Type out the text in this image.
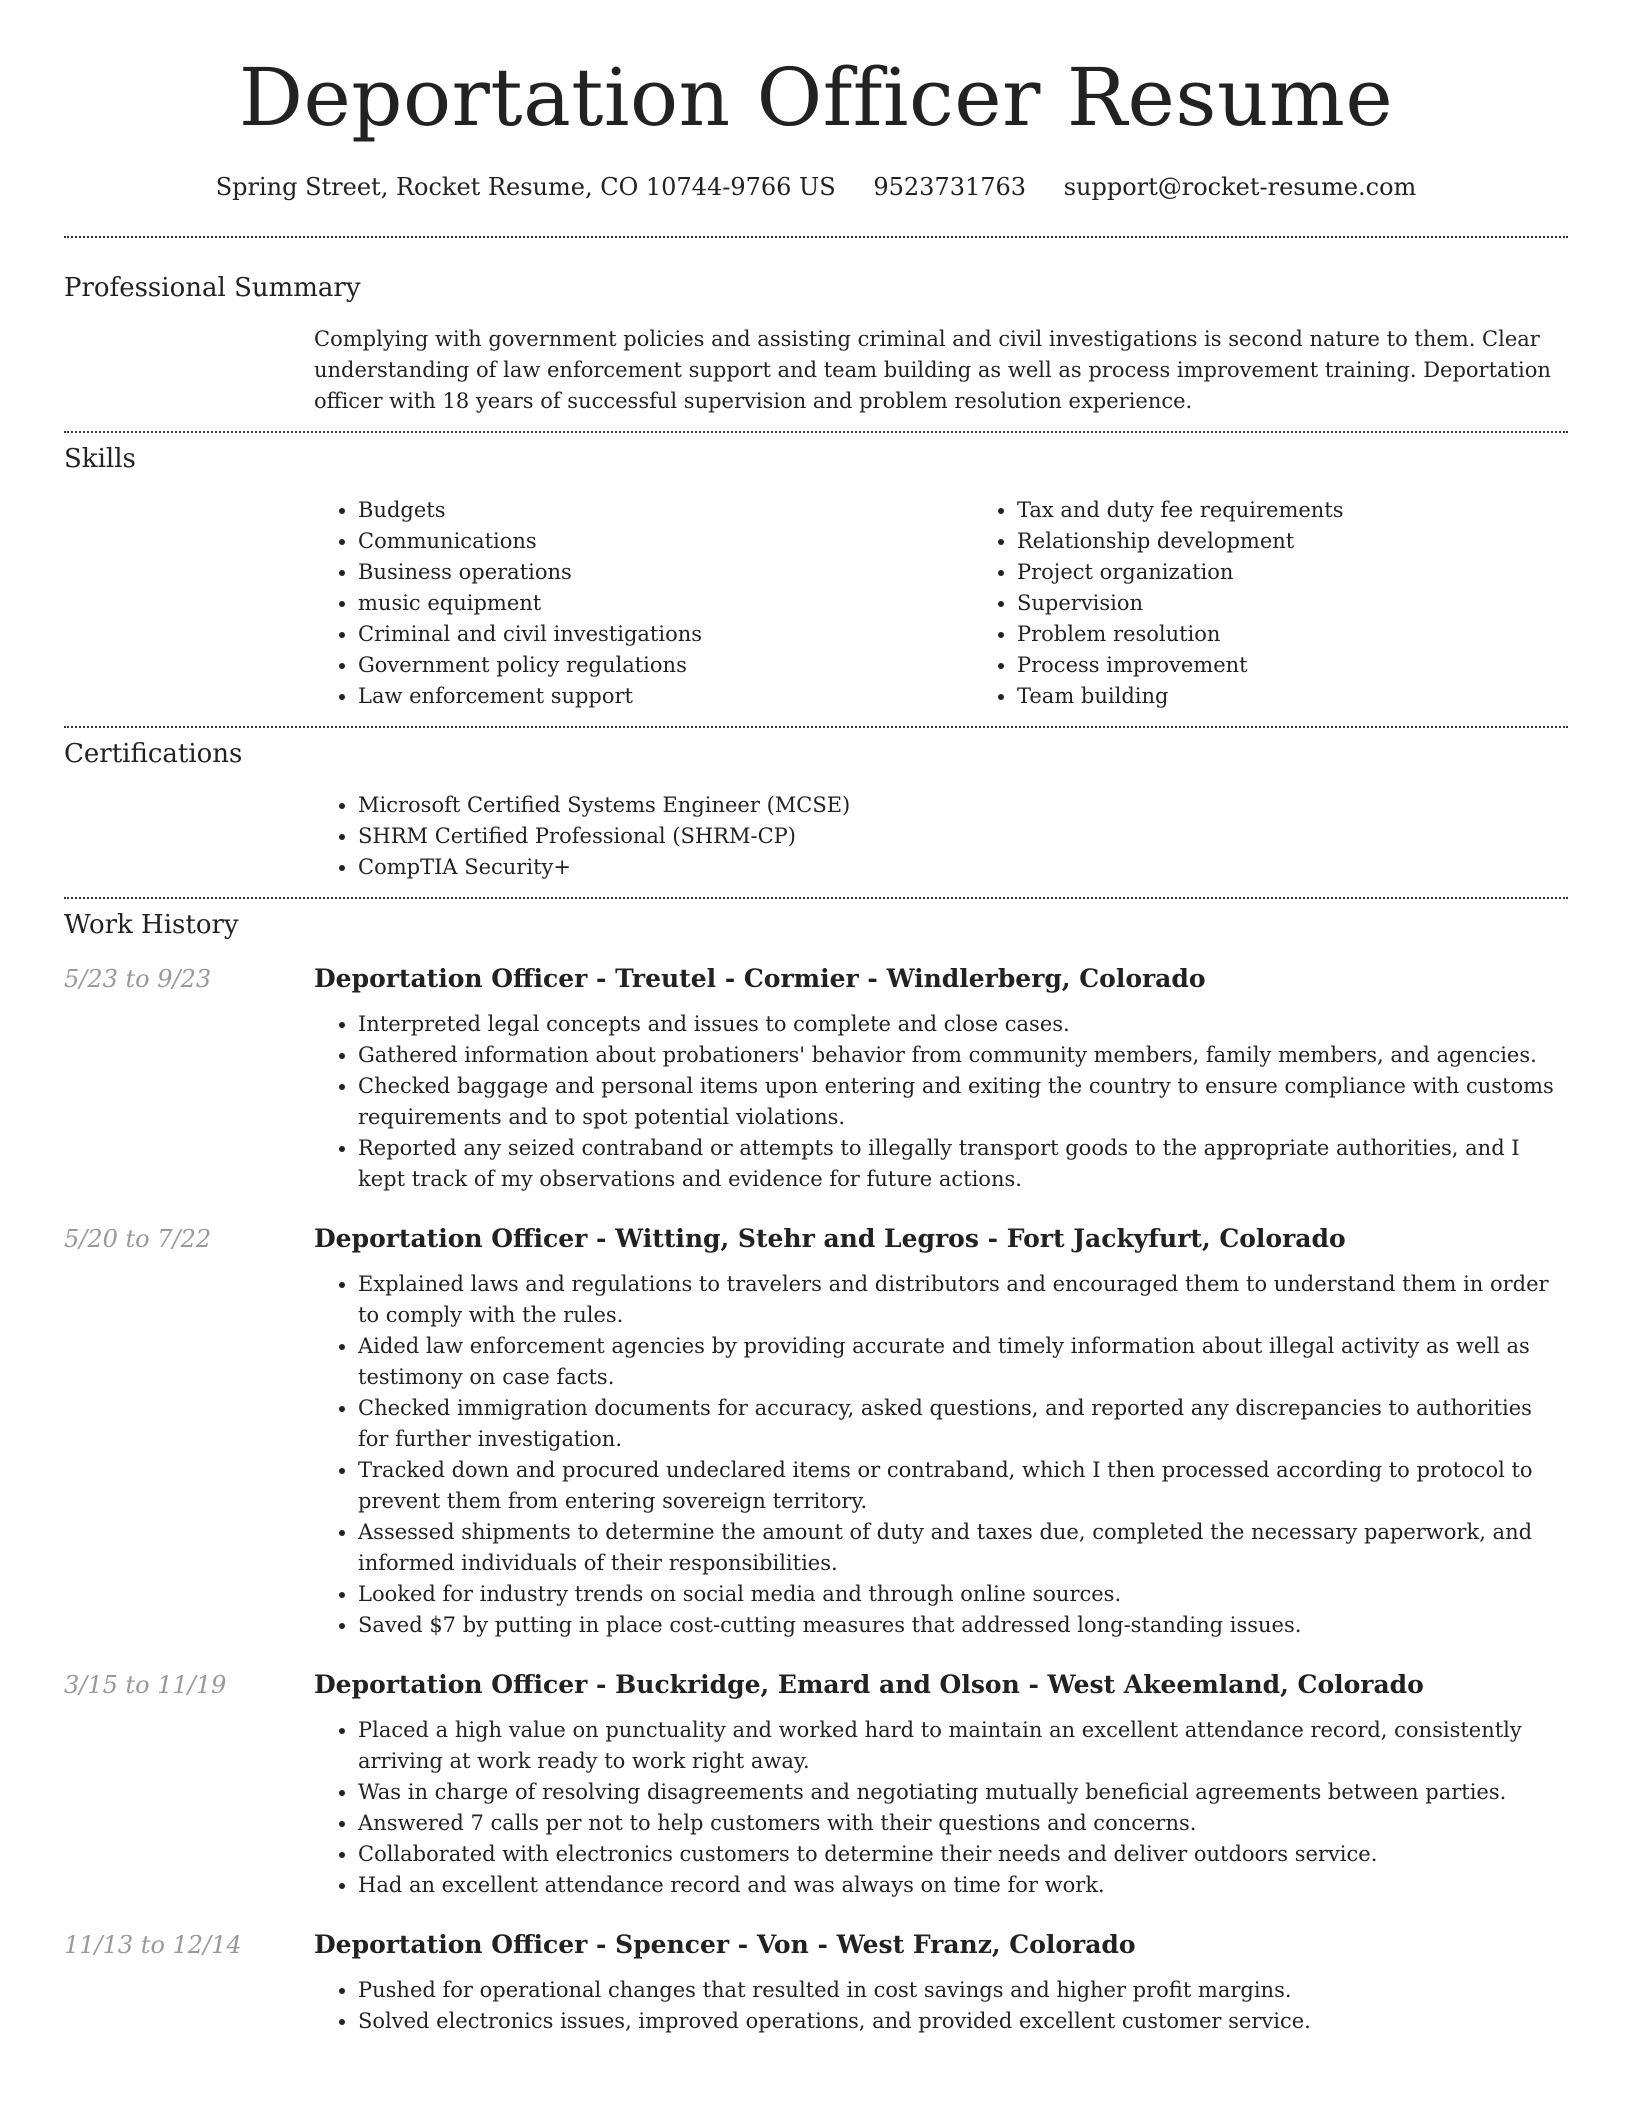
Deportation Officer Resume
Spring Street, Rocket Resume, CO 10744-9766 US 9523731763 support@rocket-resume.com
Professional Summary

Complying with government policies and assisting criminal and civil investigations is second nature to them. Clear understanding of law enforcement support and team building as well as process improvement training. Deportation officer with 18 years of successful supervision and problem resolution experience.

Skills
• Budgets
• Communications
• Business operations
• music equipment
• Criminal and civil investigations
• Government policy regulations
• Law enforcement support
• Tax and duty fee requirements
• Relationship development
• Project organization
• Supervision
• Problem resolution
• Process improvement
• Team building
Certifications
• Microsoft Certified Systems Engineer (MCSE)
• SHRM Certified Professional (SHRM-CP)
• CompTIA Security+
Work History
5/23 to 9/23	Deportation Officer - Treutel - Cormier - Windlerberg, Colorado
• Interpreted legal concepts and issues to complete and close cases.
• Gathered information about probationers' behavior from community members, family members, and agencies.
• Checked baggage and personal items upon entering and exiting the country to ensure compliance with customs requirements and to spot potential violations.
• Reported any seized contraband or attempts to illegally transport goods to the appropriate authorities, and I kept track of my observations and evidence for future actions.
5/20 to 7/22	Deportation Officer - Witting, Stehr and Legros - Fort Jackyfurt, Colorado
• Explained laws and regulations to travelers and distributors and encouraged them to understand them in order to comply with the rules.
• Aided law enforcement agencies by providing accurate and timely information about illegal activity as well as testimony on case facts.
• Checked immigration documents for accuracy, asked questions, and reported any discrepancies to authorities for further investigation.
• Tracked down and procured undeclared items or contraband, which I then processed according to protocol to prevent them from entering sovereign territory.
• Assessed shipments to determine the amount of duty and taxes due, completed the necessary paperwork, and informed individuals of their responsibilities.
• Looked for industry trends on social media and through online sources.
• Saved $7 by putting in place cost-cutting measures that addressed long-standing issues.
3/15 to 11/19	Deportation Officer - Buckridge, Emard and Olson - West Akeemland, Colorado
• Placed a high value on punctuality and worked hard to maintain an excellent attendance record, consistently arriving at work ready to work right away.
• Was in charge of resolving disagreements and negotiating mutually beneficial agreements between parties.
• Answered 7 calls per not to help customers with their questions and concerns.
• Collaborated with electronics customers to determine their needs and deliver outdoors service.
• Had an excellent attendance record and was always on time for work.
11/13 to 12/14	Deportation Officer - Spencer - Von - West Franz, Colorado
• Pushed for operational changes that resulted in cost savings and higher profit margins.
• Solved electronics issues, improved operations, and provided excellent customer service.
